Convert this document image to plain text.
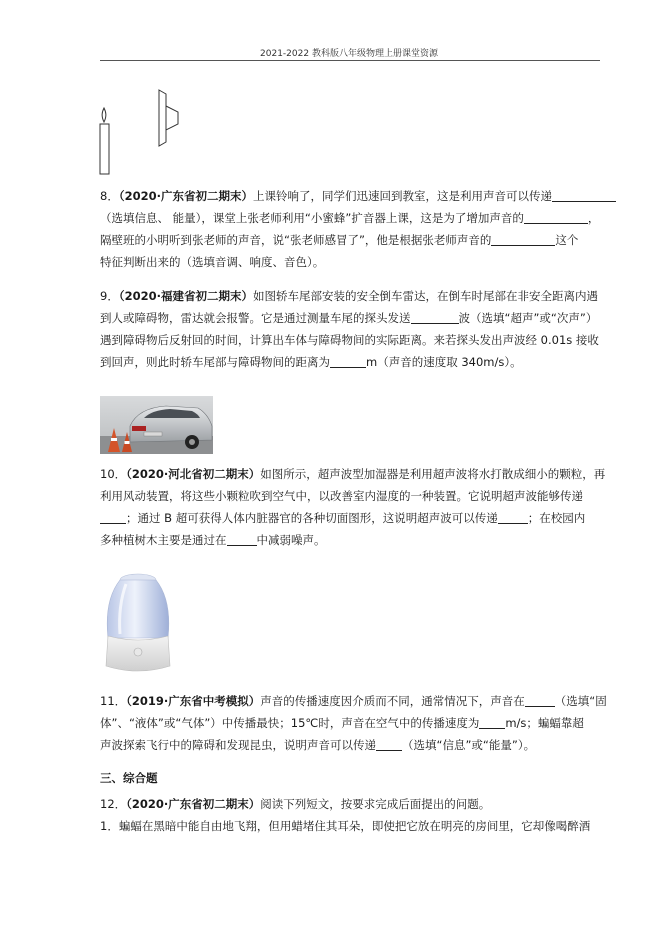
2021-2022 教科版八年级物理上册课堂资源

8．（2020·广东省初二期末）上课铃响了，同学们迅速回到教室，这是利用声音可以传递

（选填信息、 能量），课堂上张老师利用“小蜜蜂”扩音器上课，这是为了增加声音的	，

隔壁班的小明听到张老师的声音，说“张老师感冒了”，他是根据张老师声音的	这个

特征判断出来的（选填音调、响度、音色）。

9．（2020·福建省初二期末）如图轿车尾部安装的安全倒车雷达，在倒车时尾部在非安全距离内遇

到人或障碍物，雷达就会报警。它是通过测量车尾的探头发送	波（选填“超声”或“次声”）

遇到障碍物后反射回的时间，计算出车体与障碍物间的实际距离。来若探头发出声波经 0.01s 接收

到回声，则此时轿车尾部与障碍物间的距离为	m（声音的速度取 340m/s）。

10．（2020·河北省初二期末）如图所示，超声波型加湿器是利用超声波将水打散成细小的颗粒，再

利用风动装置，将这些小颗粒吹到空气中，以改善室内湿度的一种装置。它说明超声波能够传递

；通过 B 超可获得人体内脏器官的各种切面图形，这说明超声波可以传递	；在校园内

多种植树木主要是通过在	中减弱噪声。

11．（2019·广东省中考模拟）声音的传播速度因介质而不同，通常情况下，声音在	（选填“固

体”、“液体”或“气体”）中传播最快；15℃时，声音在空气中的传播速度为 m/s；蝙蝠靠超

声波探索飞行中的障碍和发现昆虫，说明声音可以传递 （选填“信息”或“能量”）。

三、综合题

12．（2020·广东省初二期末）阅读下列短文，按要求完成后面提出的问题。

1．蝙蝠在黑暗中能自由地飞翔，但用蜡堵住其耳朵，即使把它放在明亮的房间里，它却像喝醉酒
